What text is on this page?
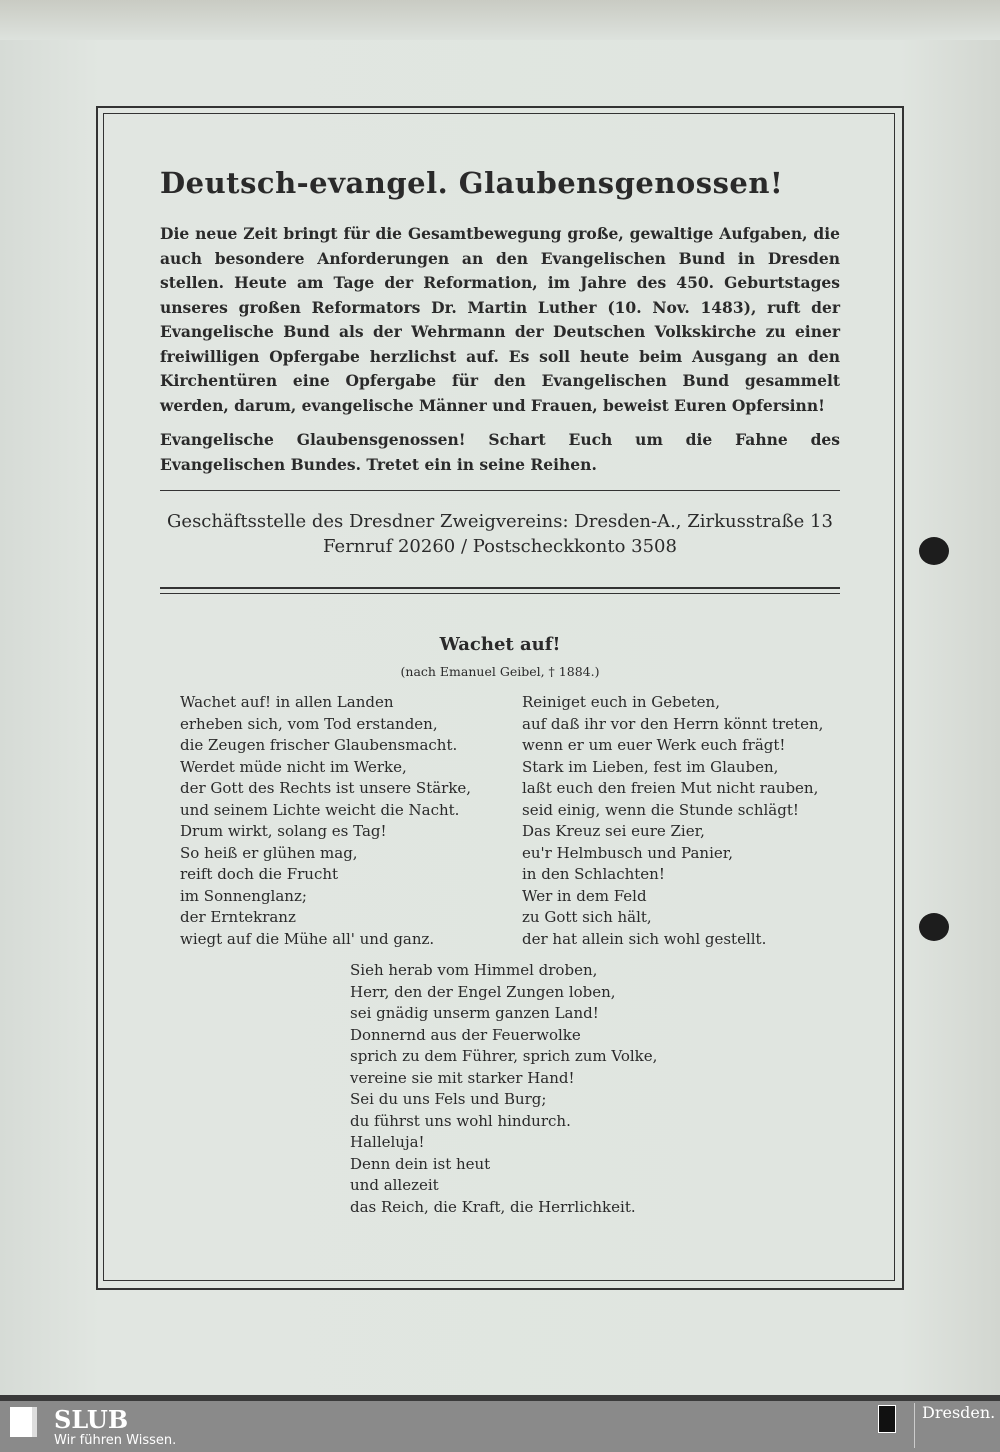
Deutsch-evangel. Glaubensgenossen!
Die neue Zeit bringt für die Gesamtbewegung große, gewaltige Aufgaben, die auch besondere Anforderungen an den Evangelischen Bund in Dresden stellen. Heute am Tage der Reformation, im Jahre des 450. Geburtstages unseres großen Reformators Dr. Martin Luther (10. Nov. 1483), ruft der Evangelische Bund als der Wehrmann der Deutschen Volkskirche zu einer freiwilligen Opfergabe herzlichst auf. Es soll heute beim Ausgang an den Kirchentüren eine Opfergabe für den Evangelischen Bund gesammelt werden, darum, evangelische Männer und Frauen, beweist Euren Opfersinn!
Evangelische Glaubensgenossen! Schart Euch um die Fahne des Evangelischen Bundes. Tretet ein in seine Reihen.
Geschäftsstelle des Dresdner Zweigvereins: Dresden-A., Zirkusstraße 13
Fernruf 20260 / Postscheckkonto 3508
Wachet auf!
(nach Emanuel Geibel, † 1884.)
Wachet auf! in allen Landen
erheben sich, vom Tod erstanden,
die Zeugen frischer Glaubensmacht.
Werdet müde nicht im Werke,
der Gott des Rechts ist unsere Stärke,
und seinem Lichte weicht die Nacht.
Drum wirkt, solang es Tag!
So heiß er glühen mag,
reift doch die Frucht
im Sonnenglanz;
der Erntekranz
wiegt auf die Mühe all' und ganz.
Reiniget euch in Gebeten,
auf daß ihr vor den Herrn könnt treten,
wenn er um euer Werk euch frägt!
Stark im Lieben, fest im Glauben,
laßt euch den freien Mut nicht rauben,
seid einig, wenn die Stunde schlägt!
Das Kreuz sei eure Zier,
eu'r Helmbusch und Panier,
in den Schlachten!
Wer in dem Feld
zu Gott sich hält,
der hat allein sich wohl gestellt.
Sieh herab vom Himmel droben,
Herr, den der Engel Zungen loben,
sei gnädig unserm ganzen Land!
Donnernd aus der Feuerwolke
sprich zu dem Führer, sprich zum Volke,
vereine sie mit starker Hand!
Sei du uns Fels und Burg;
du führst uns wohl hindurch.
Halleluja!
Denn dein ist heut
und allezeit
das Reich, die Kraft, die Herrlichkeit.
SLUB
Wir führen Wissen.
Dresden.
